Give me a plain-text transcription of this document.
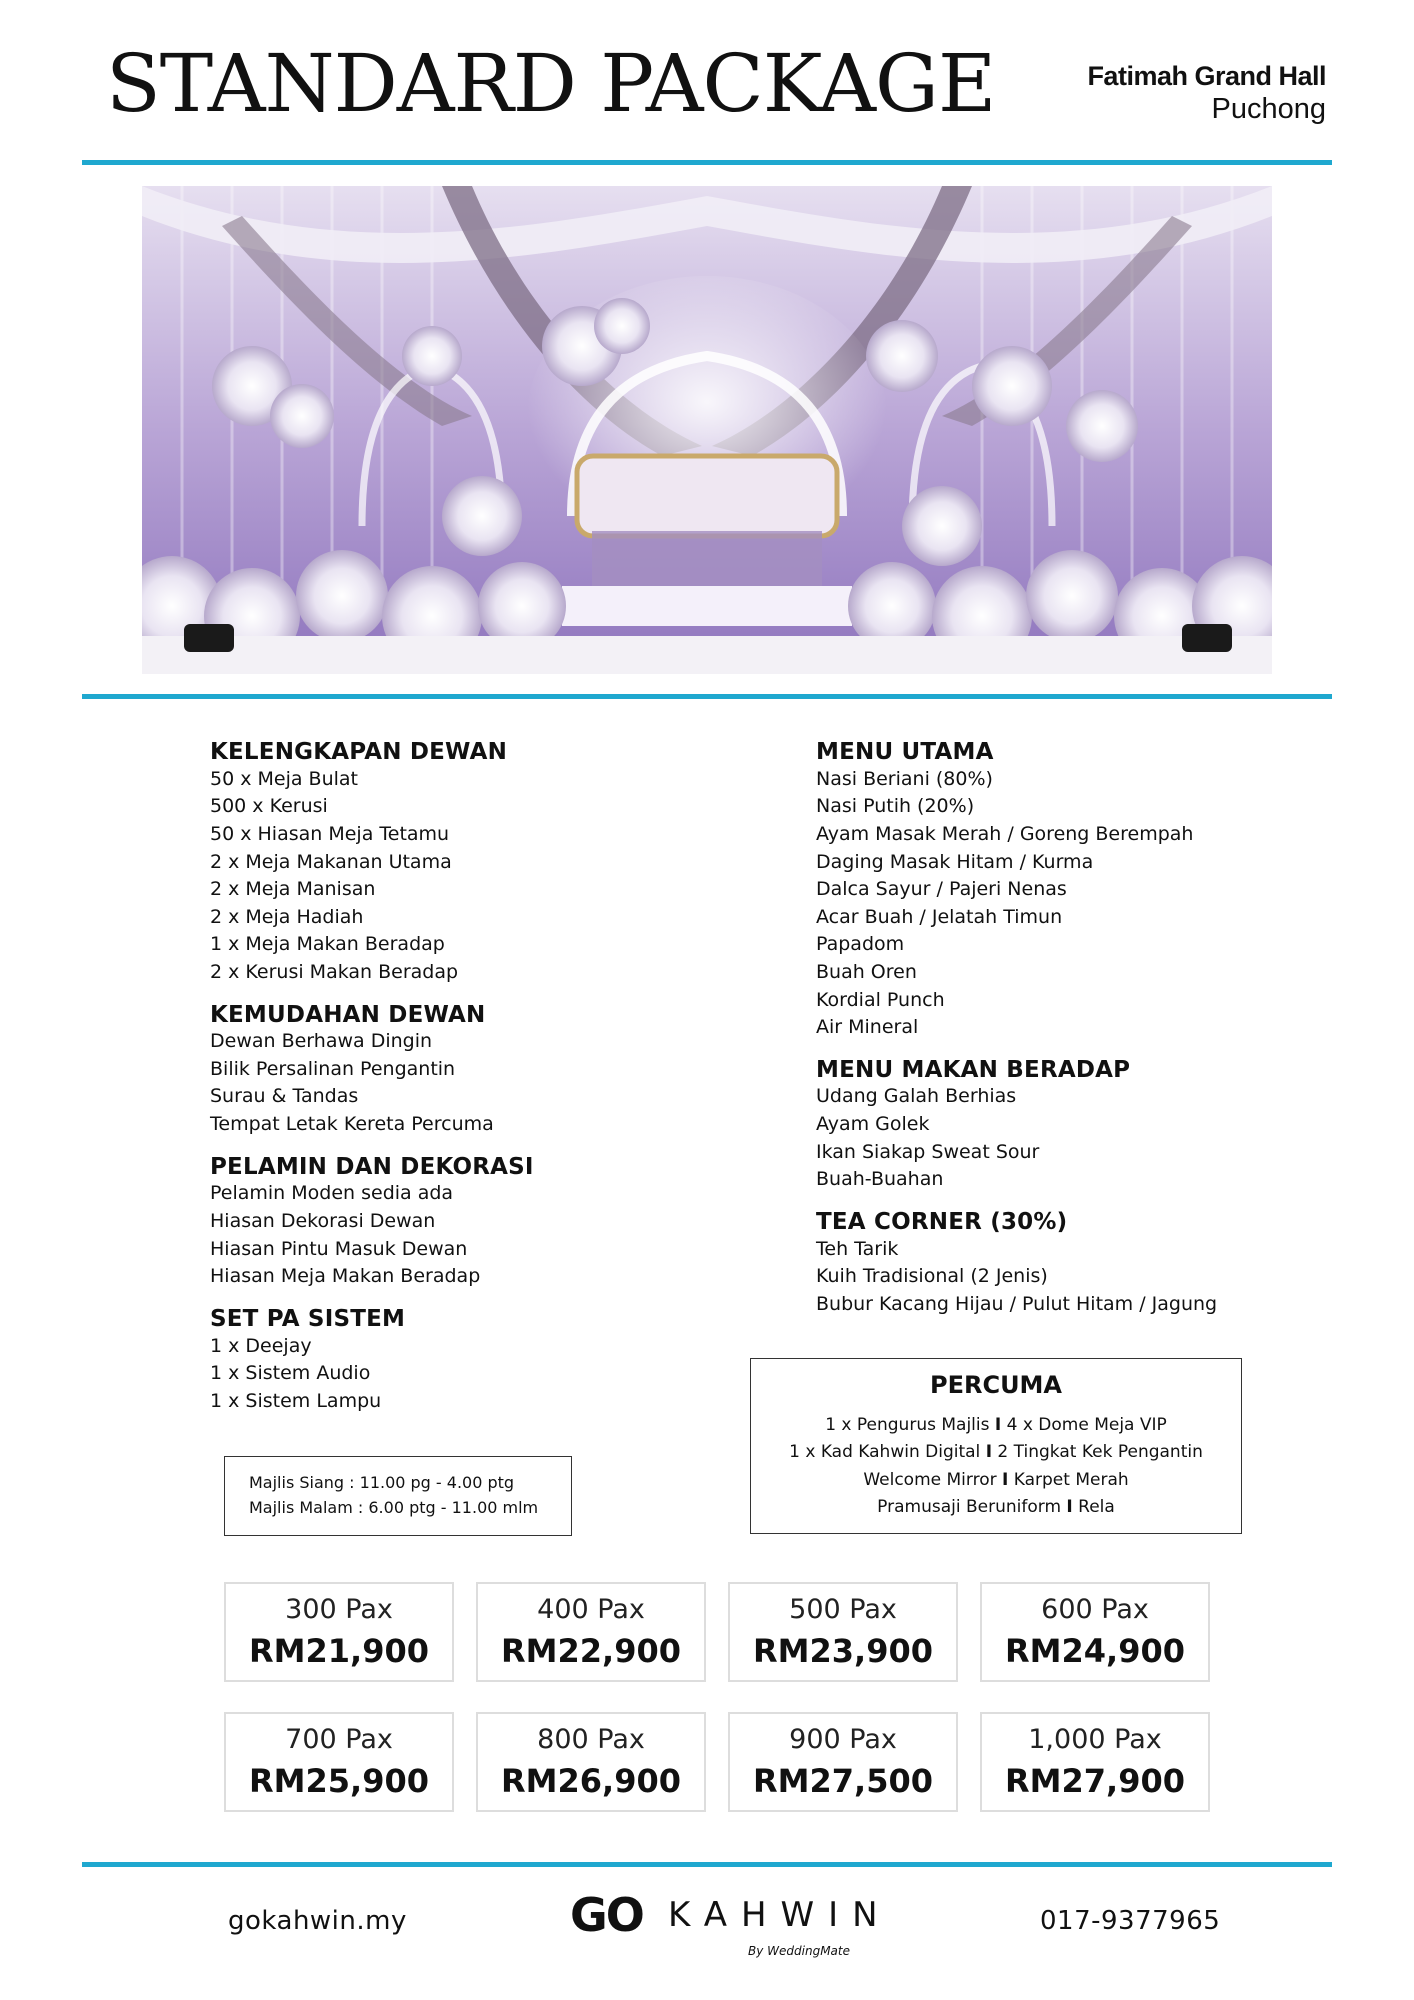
STANDARD PACKAGE	Fatimah Grand Hall
Puchong
KELENGKAPAN DEWAN
50 x Meja Bulat
500 x Kerusi
50 x Hiasan Meja Tetamu
2 x Meja Makanan Utama
2 x Meja Manisan
2 x Meja Hadiah
1 x Meja Makan Beradap
2 x Kerusi Makan Beradap
KEMUDAHAN DEWAN
Dewan Berhawa Dingin
Bilik Persalinan Pengantin
Surau & Tandas
Tempat Letak Kereta Percuma
PELAMIN DAN DEKORASI
Pelamin Moden sedia ada
Hiasan Dekorasi Dewan
Hiasan Pintu Masuk Dewan
Hiasan Meja Makan Beradap
SET PA SISTEM
1 x Deejay
1 x Sistem Audio
1 x Sistem Lampu
MENU UTAMA
Nasi Beriani (80%)
Nasi Putih (20%)
Ayam Masak Merah / Goreng Berempah
Daging Masak Hitam / Kurma
Dalca Sayur / Pajeri Nenas
Acar Buah / Jelatah Timun
Papadom
Buah Oren
Kordial Punch
Air Mineral
MENU MAKAN BERADAP
Udang Galah Berhias
Ayam Golek
Ikan Siakap Sweat Sour
Buah-Buahan
TEA CORNER (30%)
Teh Tarik
Kuih Tradisional (2 Jenis)
Bubur Kacang Hijau / Pulut Hitam / Jagung
PERCUMA
1 x Pengurus Majlis I 4 x Dome Meja VIP
1 x Kad Kahwin Digital I 2 Tingkat Kek Pengantin
Welcome Mirror I Karpet Merah
Pramusaji Beruniform I Rela
Majlis Siang : 11.00 pg - 4.00 ptg
Majlis Malam : 6.00 ptg - 11.00 mlm
300 Pax
RM21,900
400 Pax
RM22,900
500 Pax
RM23,900
600 Pax
RM24,900
700 Pax
RM25,900
800 Pax
RM26,900
900 Pax
RM27,500
1,000 Pax
RM27,900
gokahwin.my	GO KAHWIN
By WeddingMate
017-9377965
